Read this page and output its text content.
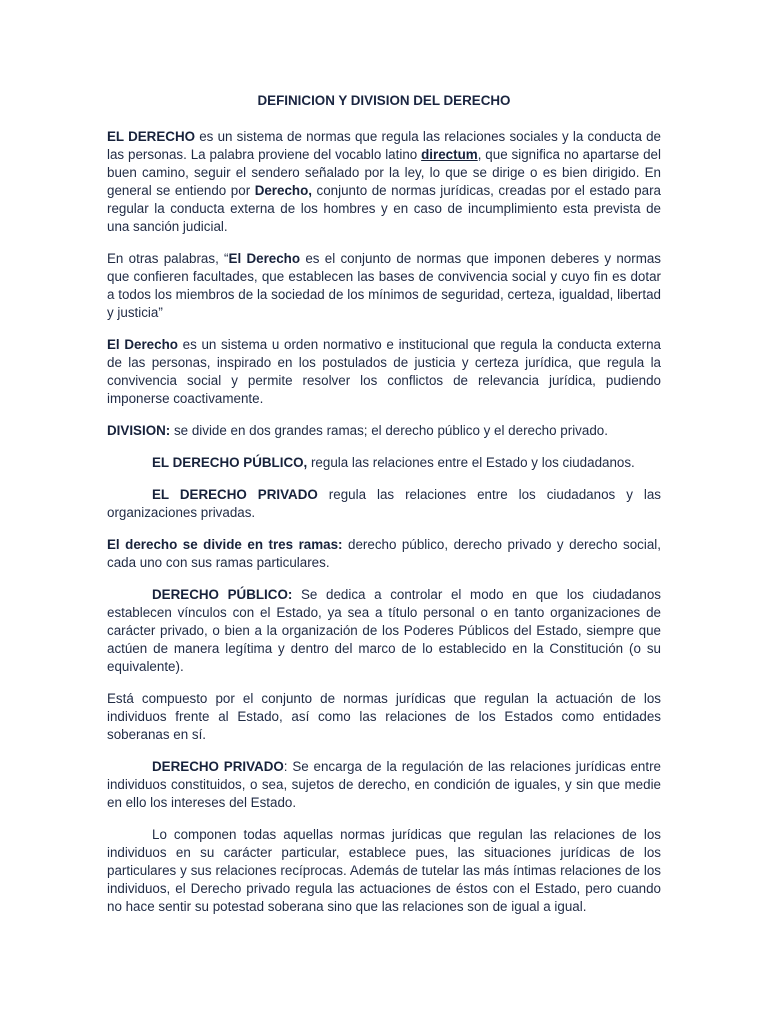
DEFINICION Y DIVISION DEL DERECHO

EL DERECHO es un sistema de normas que regula las relaciones sociales y la conducta de las personas. La palabra proviene del vocablo latino directum, que significa no apartarse del buen camino, seguir el sendero señalado por la ley, lo que se dirige o es bien dirigido. En general se entiendo por Derecho, conjunto de normas jurídicas, creadas por el estado para regular la conducta externa de los hombres y en caso de incumplimiento esta prevista de una sanción judicial.

En otras palabras, “El Derecho es el conjunto de normas que imponen deberes y normas que confieren facultades, que establecen las bases de convivencia social y cuyo fin es dotar a todos los miembros de la sociedad de los mínimos de seguridad, certeza, igualdad, libertad y justicia”

El Derecho es un sistema u orden normativo e institucional que regula la conducta externa de las personas, inspirado en los postulados de justicia y certeza jurídica, que regula la convivencia social y permite resolver los conflictos de relevancia jurídica, pudiendo imponerse coactivamente.

DIVISION: se divide en dos grandes ramas; el derecho público y el derecho privado.

EL DERECHO PÚBLICO, regula las relaciones entre el Estado y los ciudadanos.

EL DERECHO PRIVADO regula las relaciones entre los ciudadanos y las organizaciones privadas.

El derecho se divide en tres ramas: derecho público, derecho privado y derecho social, cada uno con sus ramas particulares.

DERECHO PÚBLICO: Se dedica a controlar el modo en que los ciudadanos establecen vínculos con el Estado, ya sea a título personal o en tanto organizaciones de carácter privado, o bien a la organización de los Poderes Públicos del Estado, siempre que actúen de manera legítima y dentro del marco de lo establecido en la Constitución (o su equivalente).

Está compuesto por el conjunto de normas jurídicas que regulan la actuación de los individuos frente al Estado, así como las relaciones de los Estados como entidades soberanas en sí.

DERECHO PRIVADO: Se encarga de la regulación de las relaciones jurídicas entre individuos constituidos, o sea, sujetos de derecho, en condición de iguales, y sin que medie en ello los intereses del Estado.

Lo componen todas aquellas normas jurídicas que regulan las relaciones de los individuos en su carácter particular, establece pues, las situaciones jurídicas de los particulares y sus relaciones recíprocas. Además de tutelar las más íntimas relaciones de los individuos, el Derecho privado regula las actuaciones de éstos con el Estado, pero cuando no hace sentir su potestad soberana sino que las relaciones son de igual a igual.
